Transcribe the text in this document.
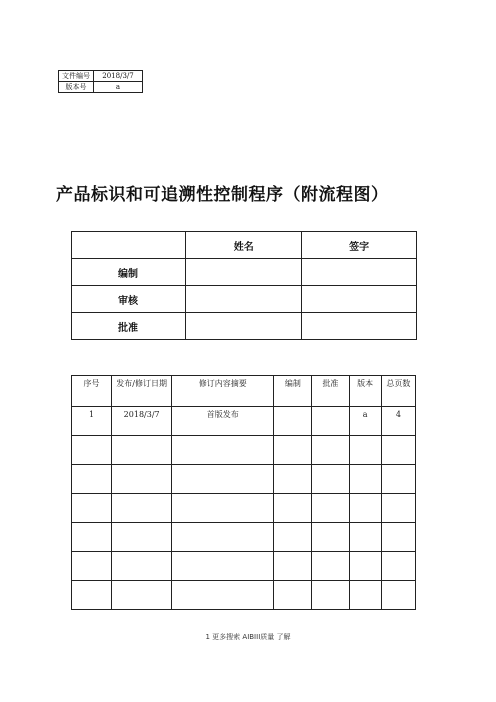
文件编号	2018/3/7
版本号	a
产品标识和可追溯性控制程序（附流程图）
	姓名	签字
编制		
审核		
批准		
序号	发布/修订日期	修订内容摘要	编制	批准	版本	总页数
1	2018/3/7	首版发布			a	4

1 更多搜索 AIBIII质量 了解
